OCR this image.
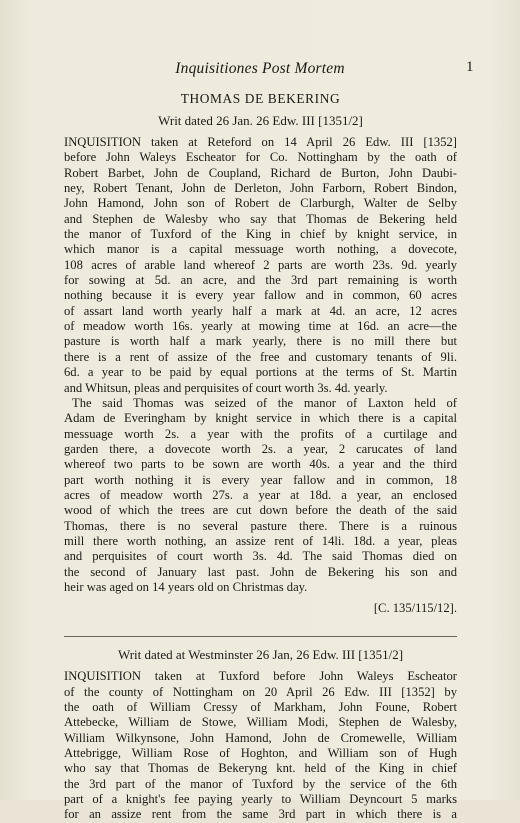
Inquisitiones Post Mortem	1
THOMAS DE BEKERING
Writ dated 26 Jan. 26 Edw. III [1351/2]
INQUISITION taken at Reteford on 14 April 26 Edw. III [1352]
before John Waleys Escheator for Co. Nottingham by the oath of
Robert Barbet, John de Coupland, Richard de Burton, John Daubi-
ney, Robert Tenant, John de Derleton, John Farborn, Robert Bindon,
John Hamond, John son of Robert de Clarburgh, Walter de Selby
and Stephen de Walesby who say that Thomas de Bekering held
the manor of Tuxford of the King in chief by knight service, in
which manor is a capital messuage worth nothing, a dovecote,
108 acres of arable land whereof 2 parts are worth 23s. 9d. yearly
for sowing at 5d. an acre, and the 3rd part remaining is worth
nothing because it is every year fallow and in common, 60 acres
of assart land worth yearly half a mark at 4d. an acre, 12 acres
of meadow worth 16s. yearly at mowing time at 16d. an acre—the
pasture is worth half a mark yearly, there is no mill there but
there is a rent of assize of the free and customary tenants of 9li.
6d. a year to be paid by equal portions at the terms of St. Martin
and Whitsun, pleas and perquisites of court worth 3s. 4d. yearly.
The said Thomas was seized of the manor of Laxton held of
Adam de Everingham by knight service in which there is a capital
messuage worth 2s. a year with the profits of a curtilage and
garden there, a dovecote worth 2s. a year, 2 carucates of land
whereof two parts to be sown are worth 40s. a year and the third
part worth nothing it is every year fallow and in common, 18
acres of meadow worth 27s. a year at 18d. a year, an enclosed
wood of which the trees are cut down before the death of the said
Thomas, there is no several pasture there. There is a ruinous
mill there worth nothing, an assize rent of 14li. 18d. a year, pleas
and perquisites of court worth 3s. 4d. The said Thomas died on
the second of January last past. John de Bekering his son and
heir was aged on 14 years old on Christmas day.
[C. 135/115/12].
Writ dated at Westminster 26 Jan, 26 Edw. III [1351/2]
INQUISITION taken at Tuxford before John Waleys Escheator
of the county of Nottingham on 20 April 26 Edw. III [1352] by
the oath of William Cressy of Markham, John Foune, Robert
Attebecke, William de Stowe, William Modi, Stephen de Walesby,
William Wilkynsone, John Hamond, John de Cromewelle, William
Attebrigge, William Rose of Hoghton, and William son of Hugh
who say that Thomas de Bekeryng knt. held of the King in chief
the 3rd part of the manor of Tuxford by the service of the 6th
part of a knight's fee paying yearly to William Deyncourt 5 marks
for an assize rent from the same 3rd part in which there is a
